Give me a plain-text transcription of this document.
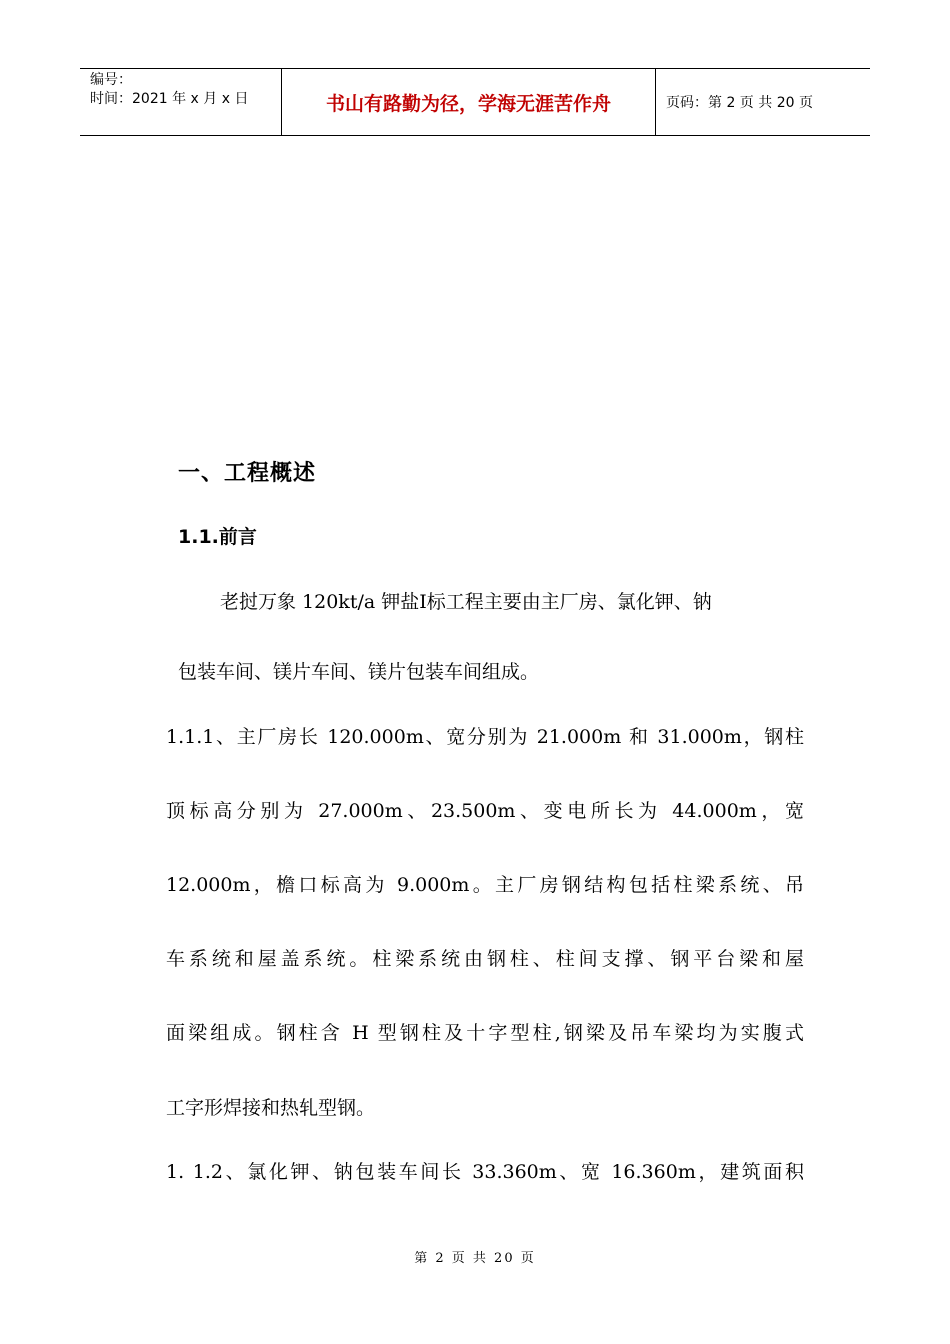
编号：
时间：2021 年 x 月 x 日	书山有路勤为径，学海无涯苦作舟	页码：第 2 页 共 20 页
一、工程概述
1.1.前言
老挝万象 120kt/a 钾盐Ⅰ标工程主要由主厂房、氯化钾、钠
包装车间、镁片车间、镁片包装车间组成。
1.1.1、主厂房长 120.000m、宽分别为 21.000m 和 31.000m，钢柱
顶标高分别为 27.000m、23.500m、变电所长为 44.000m，宽
12.000m，檐口标高为 9.000m。主厂房钢结构包括柱梁系统、吊
车系统和屋盖系统。柱梁系统由钢柱、柱间支撑、钢平台梁和屋
面梁组成。钢柱含 H 型钢柱及十字型柱,钢梁及吊车梁均为实腹式
工字形焊接和热轧型钢。
1. 1.2、氯化钾、钠包装车间长 33.360m、宽 16.360m，建筑面积
第 2 页 共 20 页
